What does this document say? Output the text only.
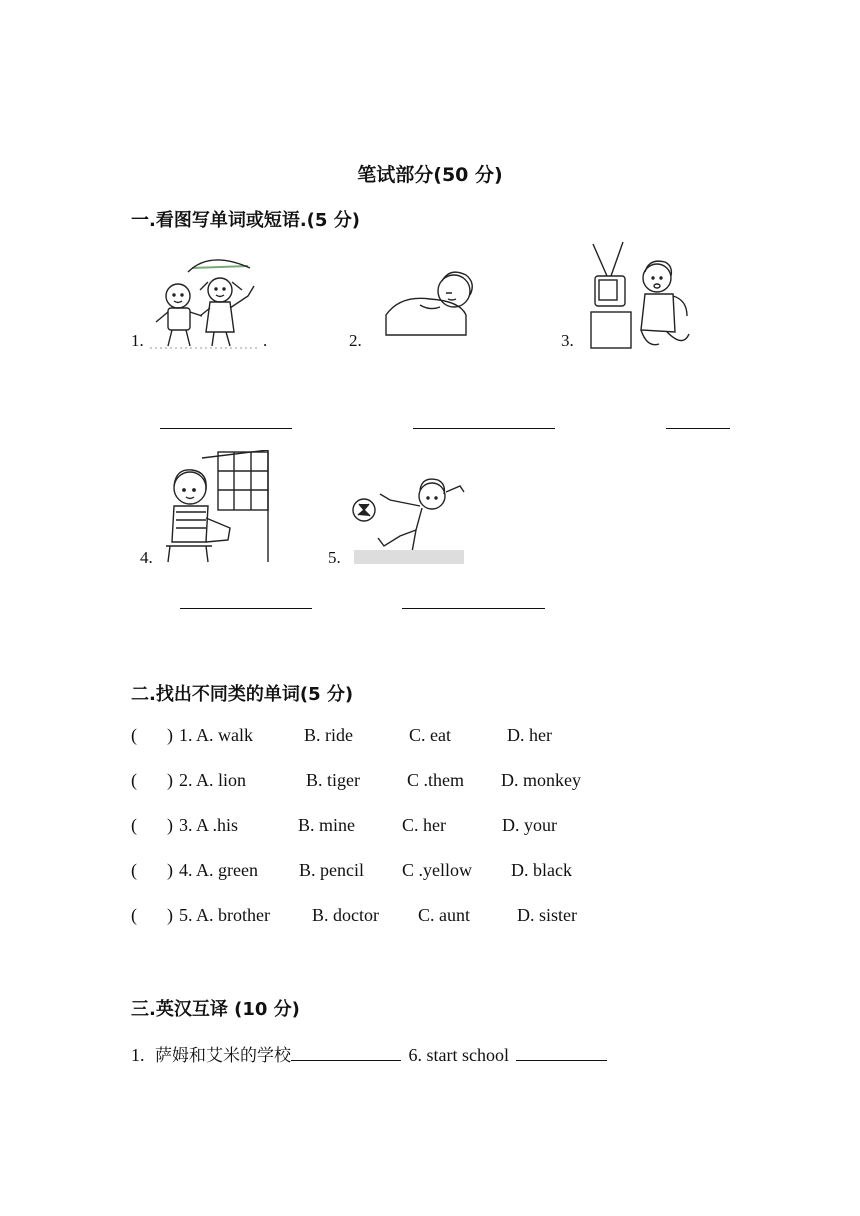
笔试部分(50 分)
一.看图写单词或短语.(5 分)
1.	.	2.	3.
4.	5.
二.找出不同类的单词(5 分)
( ) 1. A. walk	B. ride	C. eat	D. her
( ) 2. A. lion	B. tiger	C .them D. monkey
( ) 3. A .his	B. mine	C. her	D. your
( ) 4. A. green B. pencil C .yellow D. black
( ) 5. A. brother B. doctor C. aunt	D. sister
三.英汉互译 (10 分)
1. 萨姆和艾米的学校	6. start school
